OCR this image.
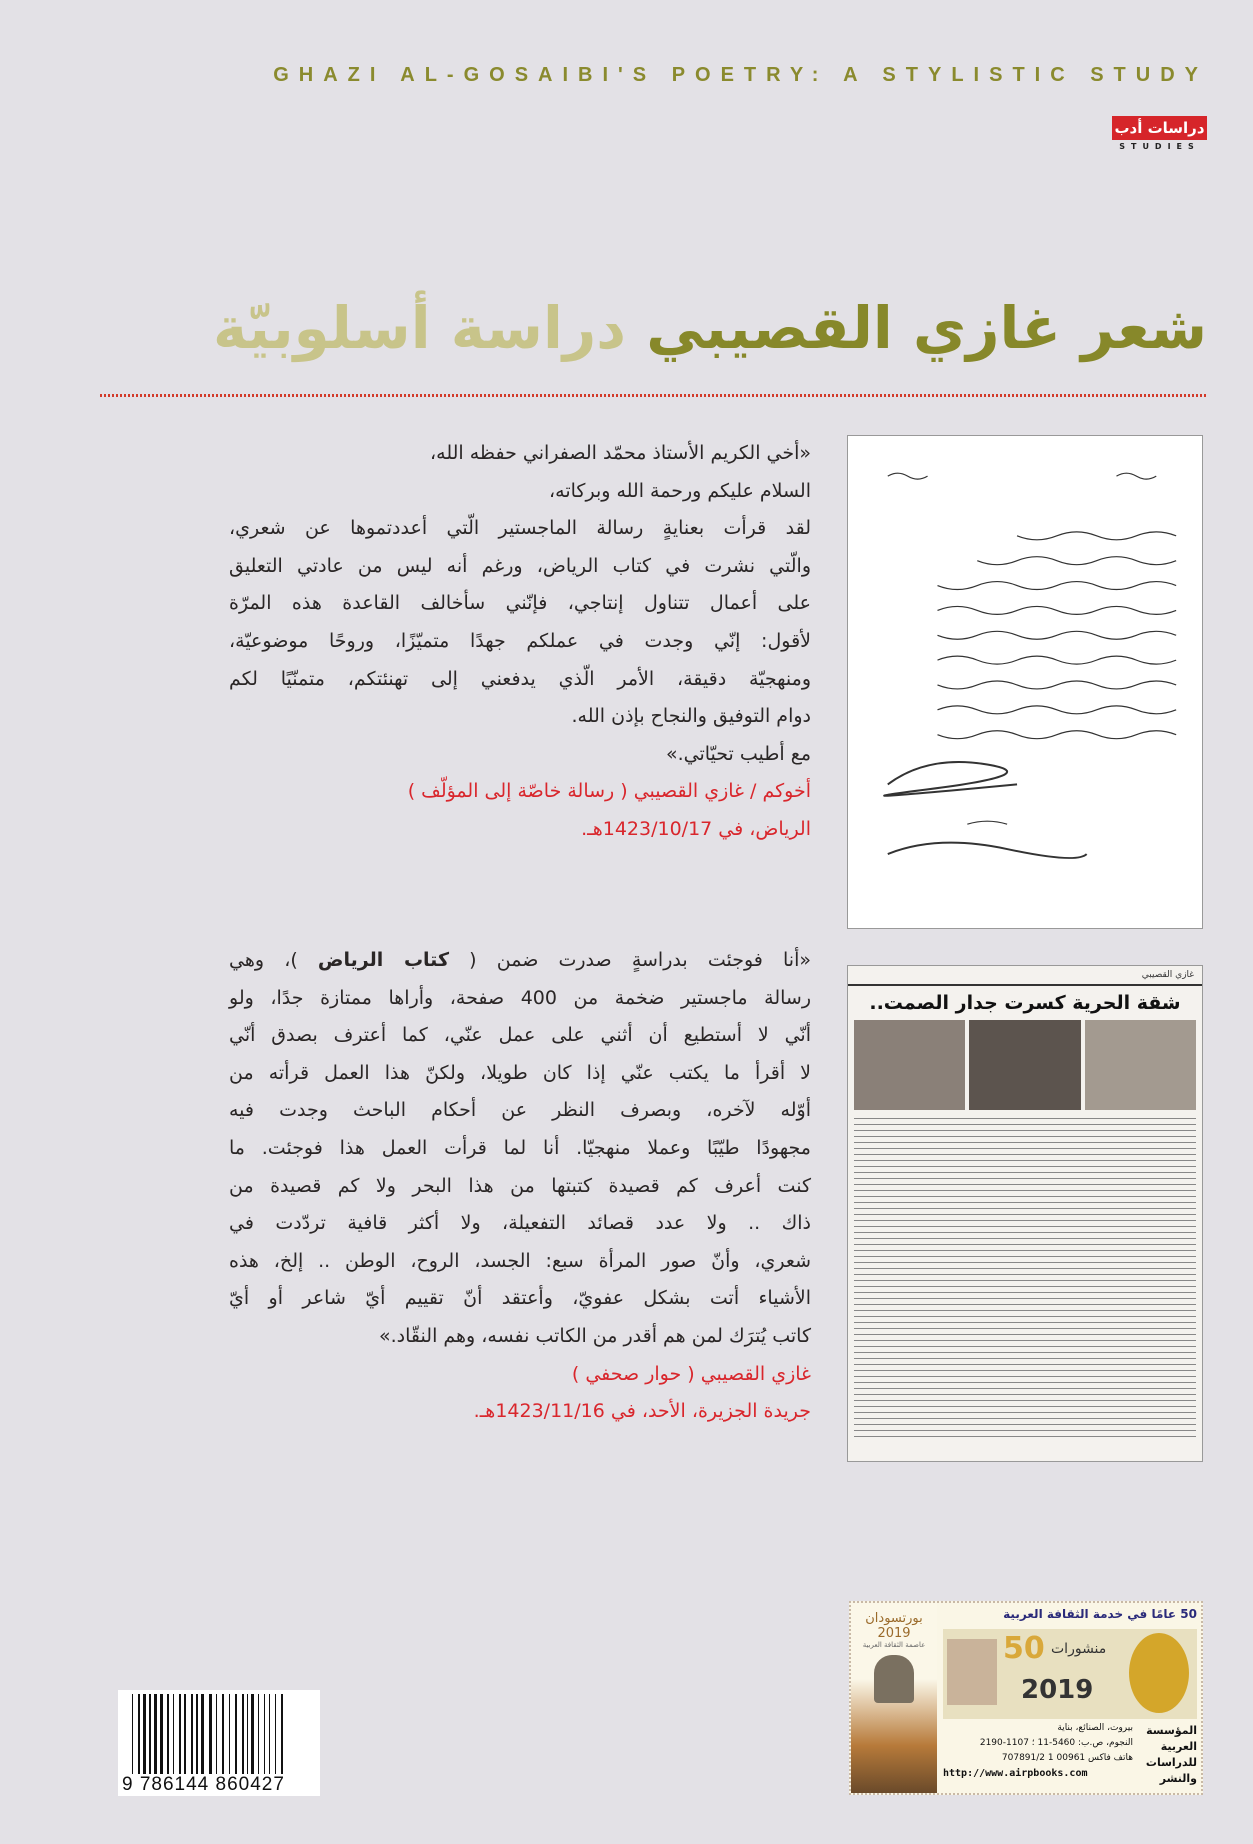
GHAZI AL-GOSAIBI'S POETRY: A STYLISTIC STUDY
دراسات أدب
STUDIES
شعر غازي القصيبي دراسة أسلوبيّة
«أخي الكريم الأستاذ محمّد الصفراني حفظه الله،
السلام عليكم ورحمة الله وبركاته،
لقد قرأت بعنايةٍ رسالة الماجستير الّتي أعددتموها عن شعري،
والّتي نشرت في كتاب الرياض، ورغم أنه ليس من عادتي التعليق
على أعمال تتناول إنتاجي، فإنّني سأخالف القاعدة هذه المرّة
لأقول: إنّي وجدت في عملكم جهدًا متميّزًا، وروحًا موضوعيّة،
ومنهجيّة دقيقة، الأمر الّذي يدفعني إلى تهنئتكم، متمنّيًا لكم
دوام التوفيق والنجاح بإذن الله.
مع أطيب تحيّاتي.»
أخوكم / غازي القصيبي ( رسالة خاصّة إلى المؤلّف )
الرياض، في 1423/10/17هـ.
«أنا فوجئت بدراسةٍ صدرت ضمن ( كتاب الرياض )، وهي
رسالة ماجستير ضخمة من 400 صفحة، وأراها ممتازة جدًا، ولو
أنّي لا أستطيع أن أثني على عمل عنّي، كما أعترف بصدق أنّي
لا أقرأ ما يكتب عنّي إذا كان طويلا، ولكنّ هذا العمل قرأته من
أوّله لآخره، وبصرف النظر عن أحكام الباحث وجدت فيه
مجهودًا طيّبًا وعملا منهجيّا. أنا لما قرأت العمل هذا فوجئت. ما
كنت أعرف كم قصيدة كتبتها من هذا البحر ولا كم قصيدة من
ذاك .. ولا عدد قصائد التفعيلة، ولا أكثر قافية تردّدت في
شعري، وأنّ صور المرأة سبع: الجسد، الروح، الوطن .. إلخ، هذه
الأشياء أتت بشكل عفويّ، وأعتقد أنّ تقييم أيّ شاعر أو أيّ
كاتب يُترَك لمن هم أقدر من الكاتب نفسه، وهم النقّاد.»
غازي القصيبي ( حوار صحفي )
جريدة الجزيرة، الأحد، في 1423/11/16هـ.
غازي القصيبي
شقة الحرية كسرت جدار الصمت..
9 786144 860427
بورتسودان
2019
عاصمة الثقافة العربية
50 عامًا في خدمة الثقافة العربية
50 منشورات
2019
المؤسسة العربية للدراسات والنشر
بيروت، الصنائع، بناية
النجوم، ص.ب: 5460-11 ؛ 1107-2190
هاتف فاكس 00961 1 707891/2
http://www.airpbooks.com
